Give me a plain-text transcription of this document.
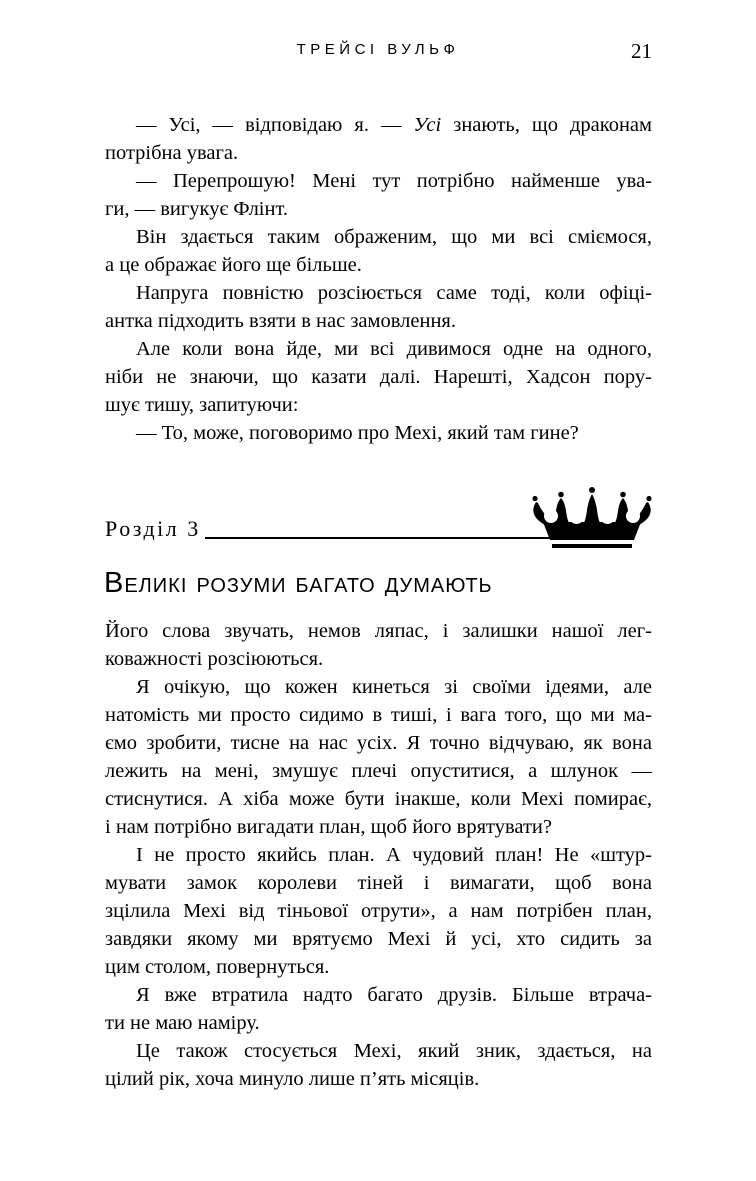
ТРЕЙСІ ВУЛЬФ	21
— Усі, — відповідаю я. — Усі знають, що драконам
потрібна увага.
— Перепрошую! Мені тут потрібно найменше ува-
ги, — вигукує Флінт.
Він здається таким ображеним, що ми всі сміємося,
а це ображає його ще більше.
Напруга повністю розсіюється саме тоді, коли офіці-
антка підходить взяти в нас замовлення.
Але коли вона йде, ми всі дивимося одне на одного,
ніби не знаючи, що казати далі. Нарешті, Хадсон пору-
шує тишу, запитуючи:
— То, може, поговоримо про Мехі, який там гине?
Розділ 3
Великі розуми багато думають
Його слова звучать, немов ляпас, і залишки нашої лег-
коважності розсіюються.
Я очікую, що кожен кинеться зі своїми ідеями, але
натомість ми просто сидимо в тиші, і вага того, що ми ма-
ємо зробити, тисне на нас усіх. Я точно відчуваю, як вона
лежить на мені, змушує плечі опуститися, а шлунок —
стиснутися. А хіба може бути інакше, коли Мехі помирає,
і нам потрібно вигадати план, щоб його врятувати?
І не просто якийсь план. А чудовий план! Не «штур-
мувати замок королеви тіней і вимагати, щоб вона
зцілила Мехі від тіньової отрути», а нам потрібен план,
завдяки якому ми врятуємо Мехі й усі, хто сидить за
цим столом, повернуться.
Я вже втратила надто багато друзів. Більше втрача-
ти не маю наміру.
Це також стосується Мехі, який зник, здається, на
цілий рік, хоча минуло лише п’ять місяців.
